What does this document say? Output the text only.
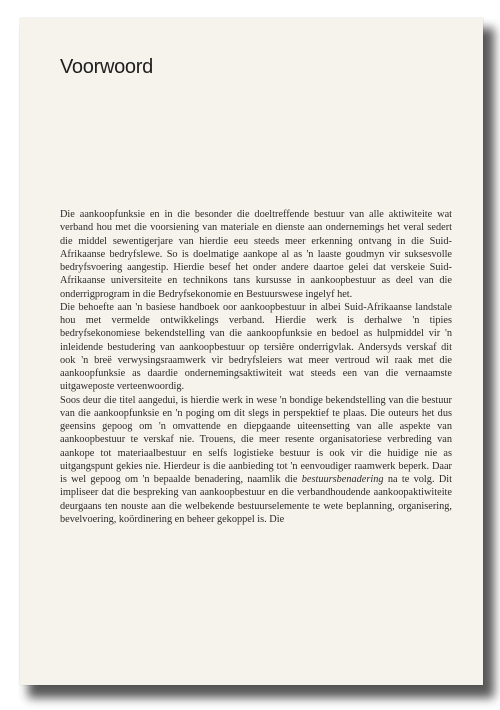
Voorwoord

Die aankoopfunksie en in die besonder die doeltreffende bestuur van alle aktiwiteite wat verband hou met die voorsiening van materiale en dienste aan ondernemings het veral sedert die middel sewentigerjare van hierdie eeu steeds meer erkenning ontvang in die Suid-Afrikaanse bedryfslewe. So is doelmatige aankope al as 'n laaste goudmyn vir suksesvolle bedryfsvoering aangestip. Hierdie besef het onder andere daartoe gelei dat verskeie Suid-Afrikaanse universiteite en technikons tans kursusse in aankoopbestuur as deel van die onderrigprogram in die Bedryfsekonomie en Bestuurswese ingelyf het.

Die behoefte aan 'n basiese handboek oor aankoopbestuur in albei Suid-Afrikaanse landstale hou met vermelde ontwikkelings verband. Hierdie werk is derhalwe 'n tipies bedryfsekonomiese bekendstelling van die aankoopfunksie en bedoel as hulpmiddel vir 'n inleidende bestudering van aankoopbestuur op tersiêre onderrigvlak. Andersyds verskaf dit ook 'n breë verwysingsraamwerk vir bedryfsleiers wat meer vertroud wil raak met die aankoopfunksie as daardie ondernemingsaktiwiteit wat steeds een van die vernaamste uitgaweposte verteenwoordig.

Soos deur die titel aangedui, is hierdie werk in wese 'n bondige bekendstelling van die bestuur van die aankoopfunksie en 'n poging om dit slegs in perspektief te plaas. Die outeurs het dus geensins gepoog om 'n omvattende en diepgaande uiteensetting van alle aspekte van aankoopbestuur te verskaf nie. Trouens, die meer resente organisatoriese verbreding van aankope tot materiaalbestuur en selfs logistieke bestuur is ook vir die huidige nie as uitgangspunt gekies nie. Hierdeur is die aanbieding tot 'n eenvoudiger raamwerk beperk. Daar is wel gepoog om 'n bepaalde benadering, naamlik die bestuursbenadering na te volg. Dit impliseer dat die bespreking van aankoopbestuur en die verbandhoudende aankoopaktiwiteite deurgaans ten nouste aan die welbekende bestuurselemente te wete beplanning, organisering, bevelvoering, koördinering en beheer gekoppel is. Die
